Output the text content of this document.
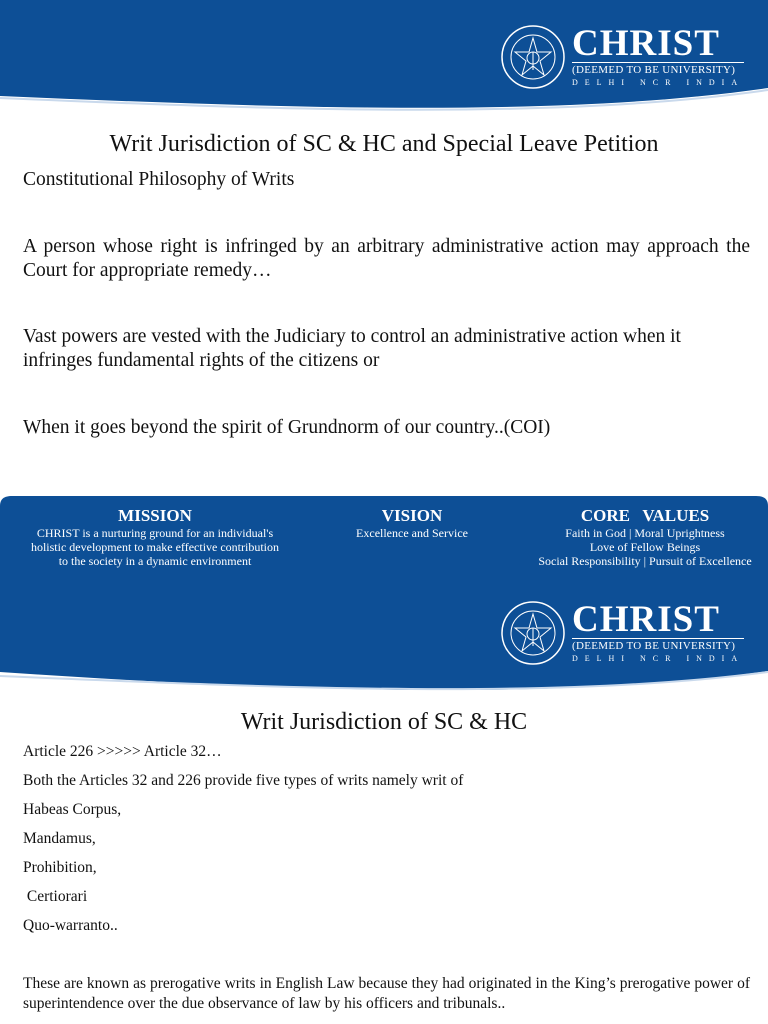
CHRIST
(DEEMED TO BE UNIVERSITY)
DELHI NCR INDIA
Writ Jurisdiction of SC & HC and Special Leave Petition
Constitutional Philosophy of Writs
A person whose right is infringed by an arbitrary administrative action may approach the Court for appropriate remedy…
Vast powers are vested with the Judiciary to control an administrative action when it infringes fundamental rights of the citizens or
When it goes beyond the spirit of Grundnorm of our country..(COI)
MISSION
CHRIST is a nurturing ground for an individual's
holistic development to make effective contribution
to the society in a dynamic environment
VISION
Excellence and Service
CORE   VALUES
Faith in God | Moral Uprightness
Love of Fellow Beings
Social Responsibility | Pursuit of Excellence
CHRIST
(DEEMED TO BE UNIVERSITY)
DELHI NCR INDIA
Writ Jurisdiction of SC & HC
Article 226 >>>>> Article 32…
Both the Articles 32 and 226 provide five types of writs namely writ of
Habeas Corpus,
Mandamus,
Prohibition,
Certiorari
Quo-warranto..
These are known as prerogative writs in English Law because they had originated in the King’s prerogative power of superintendence over the due observance of law by his officers and tribunals..
